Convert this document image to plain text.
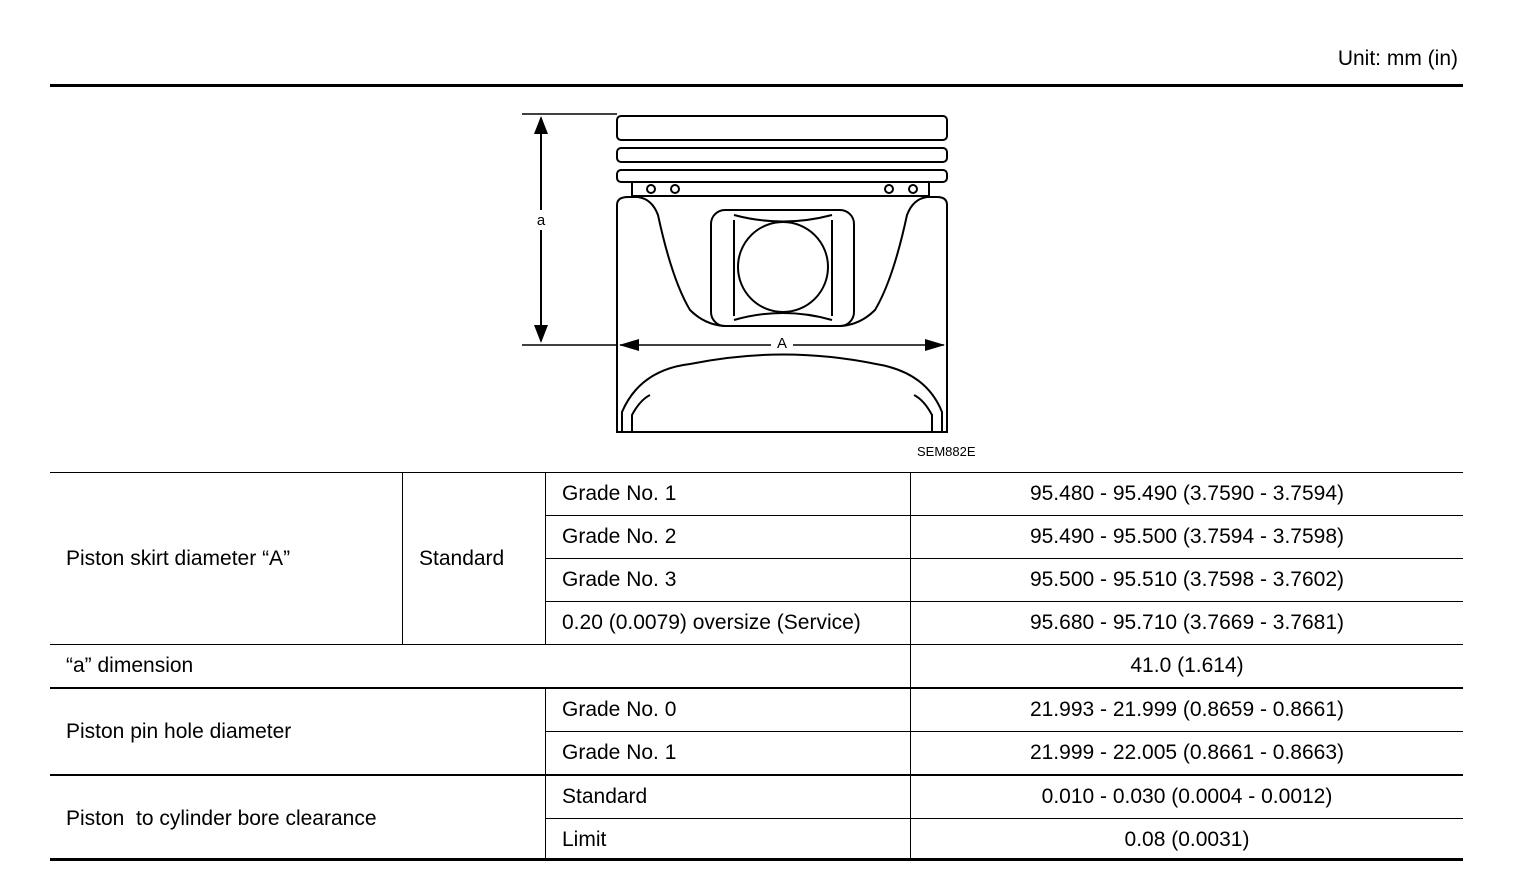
Unit: mm (in)
a
A
SEM882E
Piston skirt diameter “A”	Standard	Grade No. 1	95.480 - 95.490 (3.7590 - 3.7594)
		Grade No. 2	95.490 - 95.500 (3.7594 - 3.7598)
		Grade No. 3	95.500 - 95.510 (3.7598 - 3.7602)
		0.20 (0.0079) oversize (Service)	95.680 - 95.710 (3.7669 - 3.7681)
“a” dimension			41.0 (1.614)
Piston pin hole diameter		Grade No. 0	21.993 - 21.999 (0.8659 - 0.8661)
		Grade No. 1	21.999 - 22.005 (0.8661 - 0.8663)
Piston  to cylinder bore clearance		Standard	0.010 - 0.030 (0.0004 - 0.0012)
		Limit	0.08 (0.0031)
